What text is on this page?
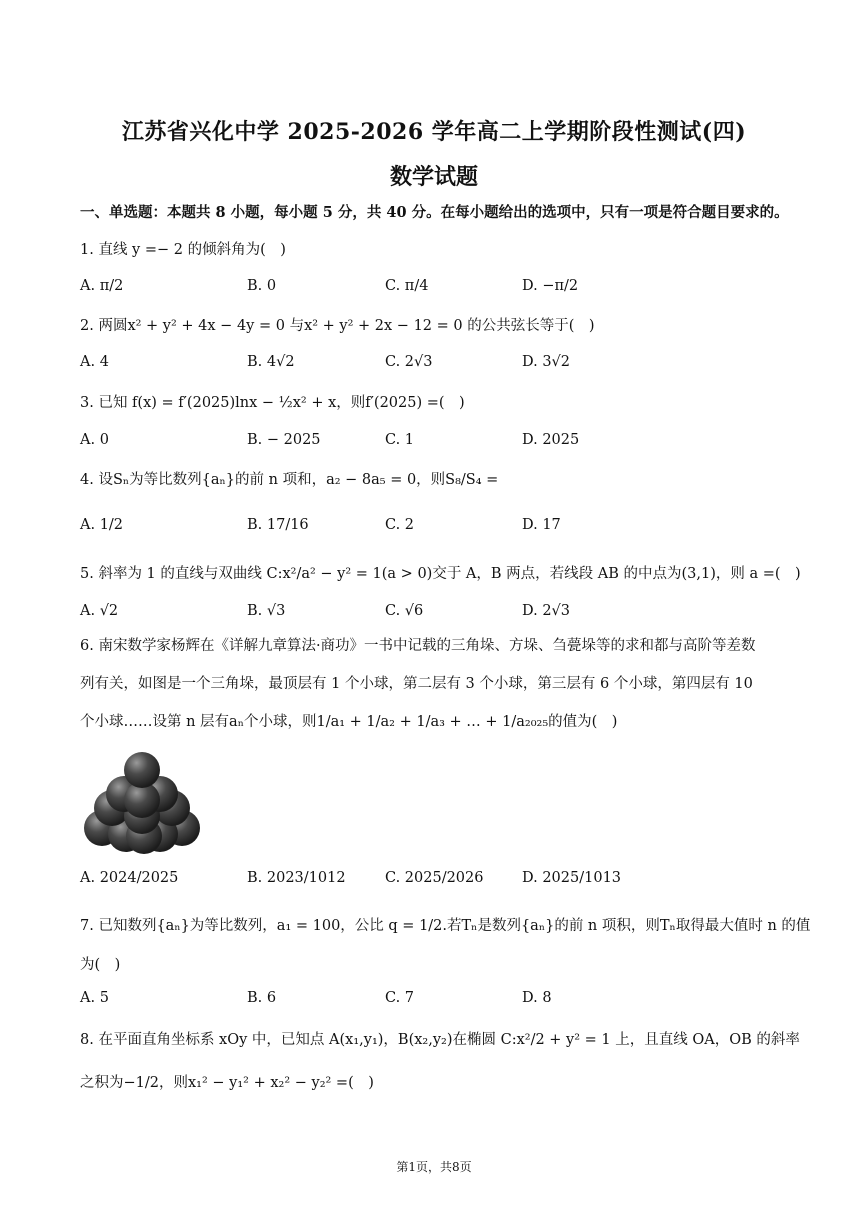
江苏省兴化中学 2025-2026 学年高二上学期阶段性测试(四)
数学试题
一、单选题：本题共 8 小题，每小题 5 分，共 40 分。在每小题给出的选项中，只有一项是符合题目要求的。
1. 直线 y =− 2 的倾斜角为(　)
A. π/2	B. 0	C. π/4	D. −π/2
2. 两圆x² + y² + 4x − 4y = 0 与x² + y² + 2x − 12 = 0 的公共弦长等于(　)
A. 4	B. 4√2	C. 2√3	D. 3√2
3. 已知 f(x) = f′(2025)lnx − ½x² + x，则f′(2025) =(　)
A. 0	B. − 2025	C. 1	D. 2025
4. 设Sₙ为等比数列{aₙ}的前 n 项和，a₂ − 8a₅ = 0，则S₈/S₄ =
A. 1/2	B. 17/16	C. 2	D. 17
5. 斜率为 1 的直线与双曲线 C:x²/a² − y² = 1(a > 0)交于 A，B 两点，若线段 AB 的中点为(3,1)，则 a =(　)
A. √2	B. √3	C. √6	D. 2√3
6. 南宋数学家杨辉在《详解九章算法·商功》一书中记载的三角垛、方垛、刍甍垛等的求和都与高阶等差数
列有关，如图是一个三角垛，最顶层有 1 个小球，第二层有 3 个小球，第三层有 6 个小球，第四层有 10
个小球……设第 n 层有aₙ个小球，则1/a₁ + 1/a₂ + 1/a₃ + … + 1/a₂₀₂₅的值为(　)
A. 2024/2025	B. 2023/1012	C. 2025/2026	D. 2025/1013
7. 已知数列{aₙ}为等比数列，a₁ = 100，公比 q = 1/2.若Tₙ是数列{aₙ}的前 n 项积，则Tₙ取得最大值时 n 的值
为(　)
A. 5	B. 6	C. 7	D. 8
8. 在平面直角坐标系 xOy 中，已知点 A(x₁,y₁)，B(x₂,y₂)在椭圆 C:x²/2 + y² = 1 上，且直线 OA，OB 的斜率
之积为−1/2，则x₁² − y₁² + x₂² − y₂² =(　)
第1页，共8页
